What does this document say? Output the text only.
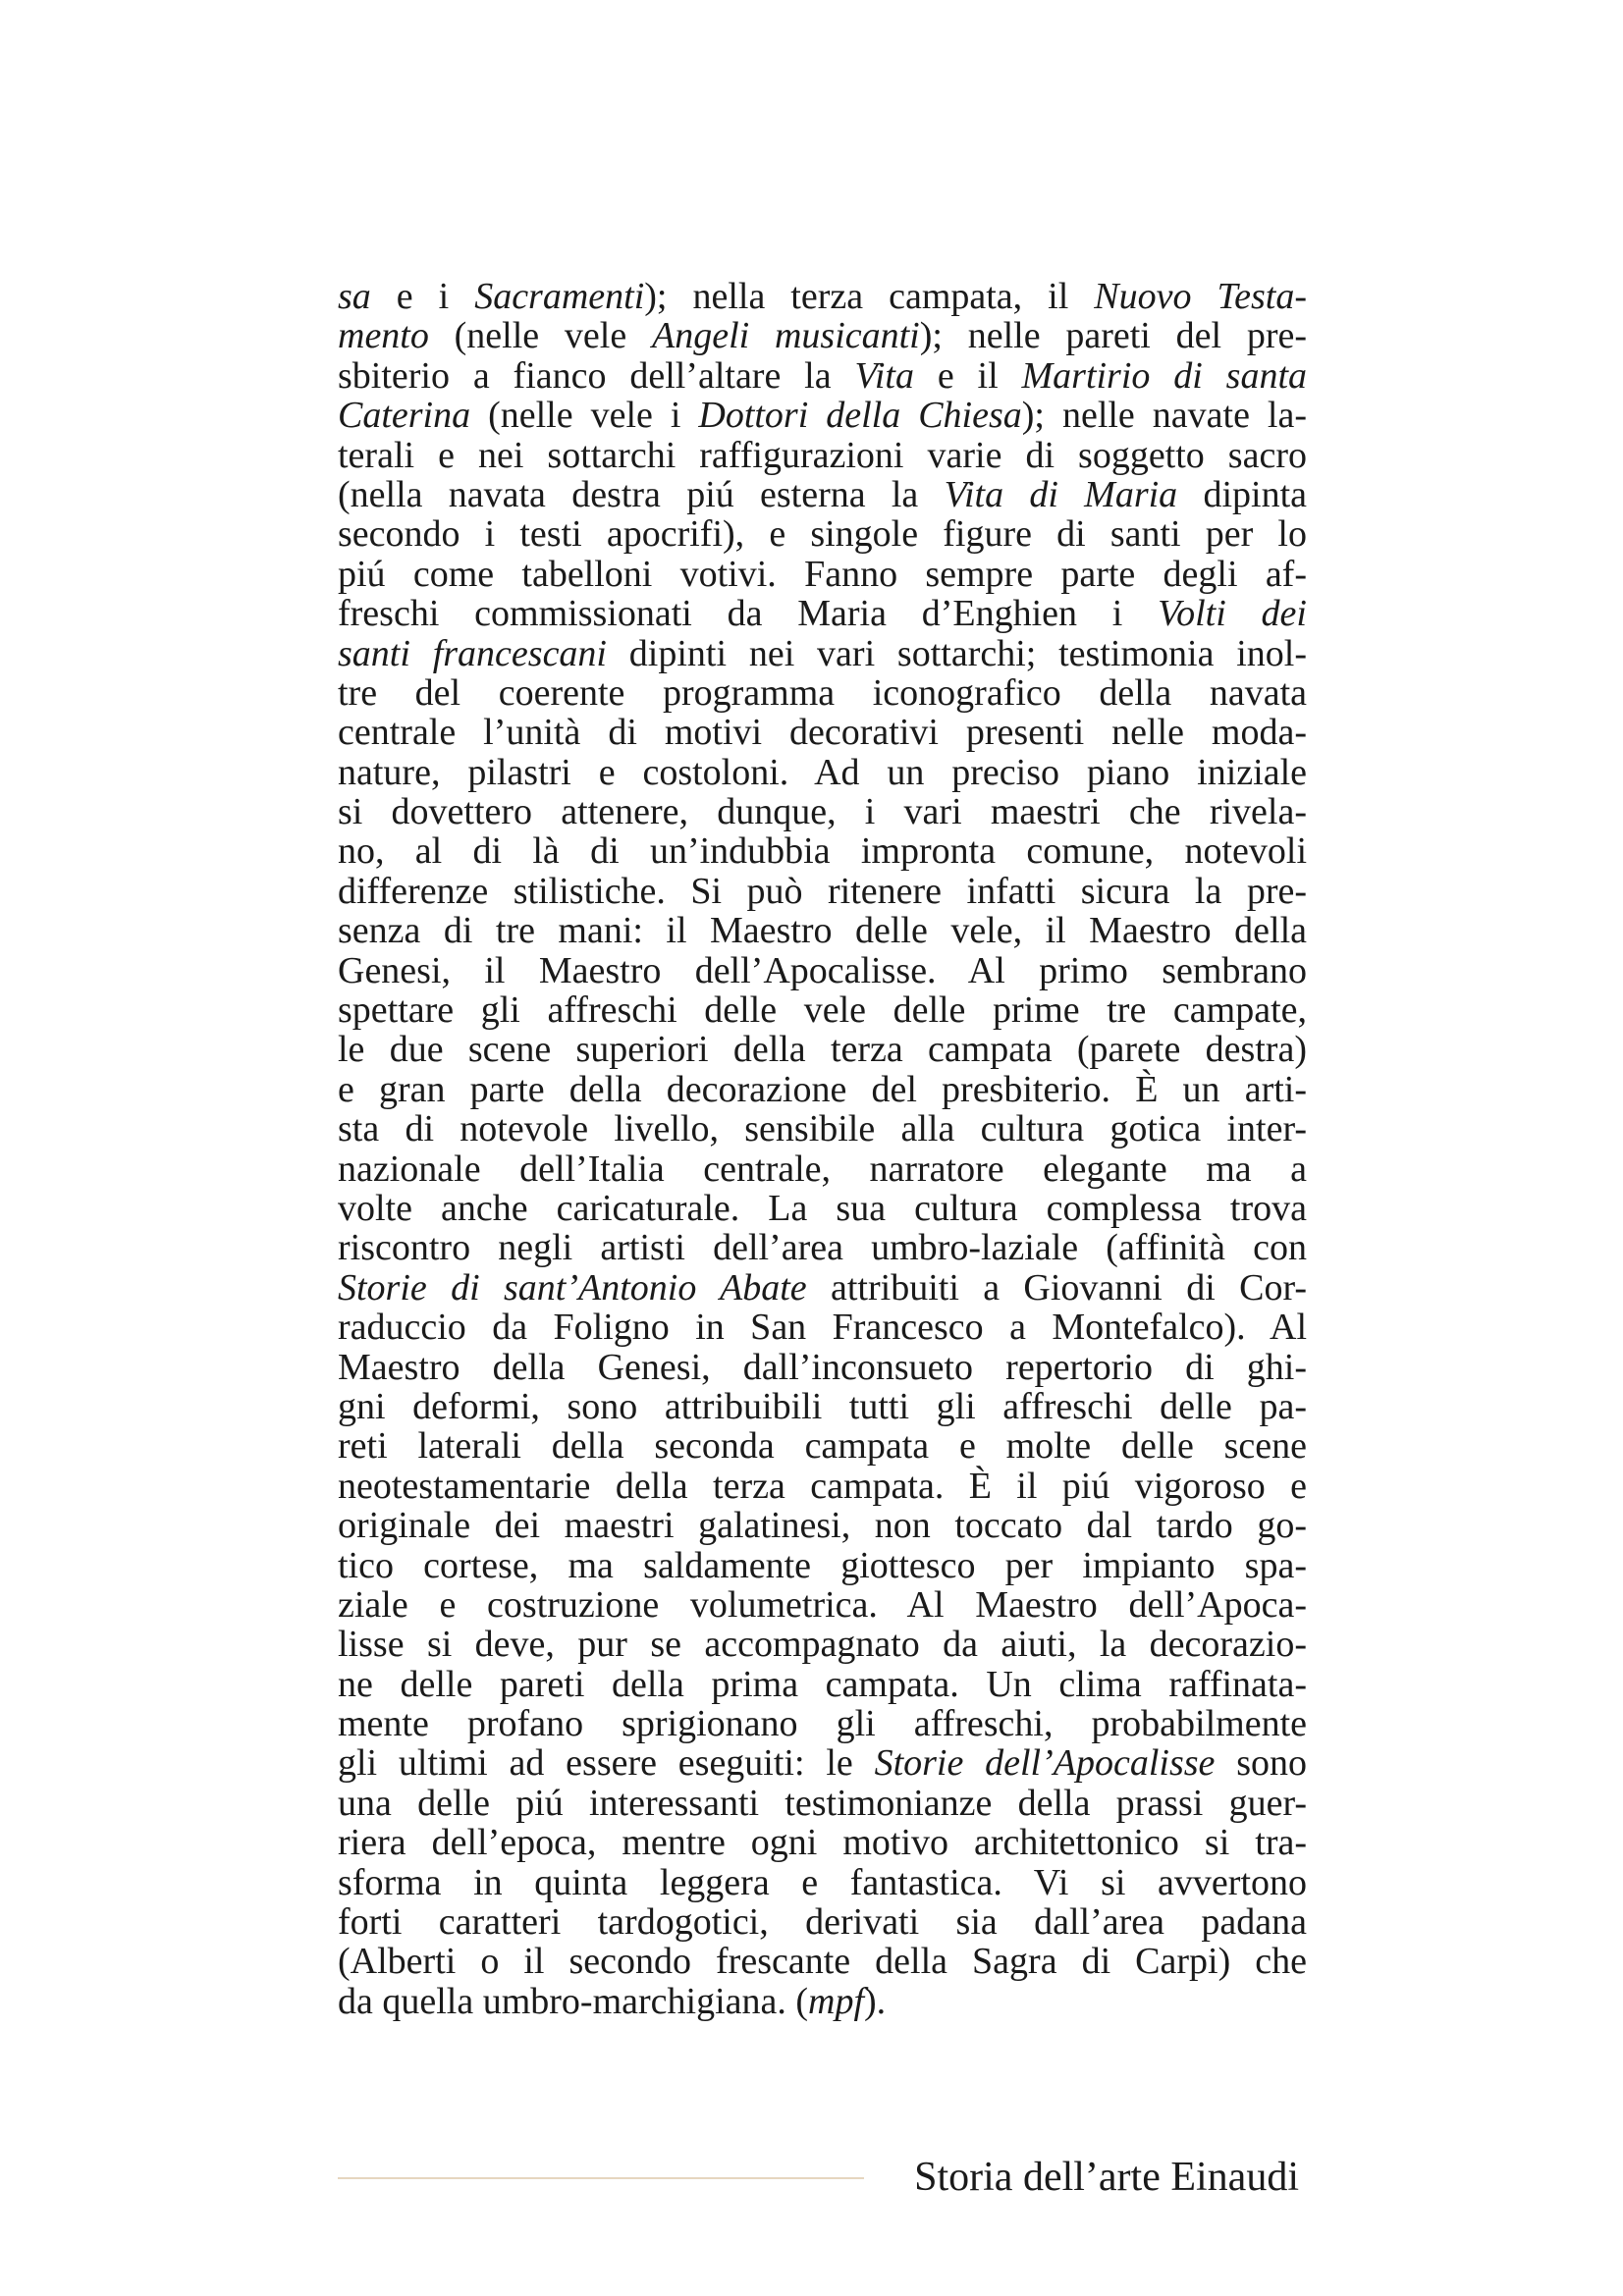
sa e i Sacramenti); nella terza campata, il Nuovo Testa-
mento (nelle vele Angeli musicanti); nelle pareti del pre-
sbiterio a fianco dell’altare la Vita e il Martirio di santa
Caterina (nelle vele i Dottori della Chiesa); nelle navate la-
terali e nei sottarchi raffigurazioni varie di soggetto sacro
(nella navata destra piú esterna la Vita di Maria dipinta
secondo i testi apocrifi), e singole figure di santi per lo
piú come tabelloni votivi. Fanno sempre parte degli af-
freschi commissionati da Maria d’Enghien i Volti dei
santi francescani dipinti nei vari sottarchi; testimonia inol-
tre del coerente programma iconografico della navata
centrale l’unità di motivi decorativi presenti nelle moda-
nature, pilastri e costoloni. Ad un preciso piano iniziale
si dovettero attenere, dunque, i vari maestri che rivela-
no, al di là di un’indubbia impronta comune, notevoli
differenze stilistiche. Si può ritenere infatti sicura la pre-
senza di tre mani: il Maestro delle vele, il Maestro della
Genesi, il Maestro dell’Apocalisse. Al primo sembrano
spettare gli affreschi delle vele delle prime tre campate,
le due scene superiori della terza campata (parete destra)
e gran parte della decorazione del presbiterio. È un arti-
sta di notevole livello, sensibile alla cultura gotica inter-
nazionale dell’Italia centrale, narratore elegante ma a
volte anche caricaturale. La sua cultura complessa trova
riscontro negli artisti dell’area umbro-laziale (affinità con
Storie di sant’Antonio Abate attribuiti a Giovanni di Cor-
raduccio da Foligno in San Francesco a Montefalco). Al
Maestro della Genesi, dall’inconsueto repertorio di ghi-
gni deformi, sono attribuibili tutti gli affreschi delle pa-
reti laterali della seconda campata e molte delle scene
neotestamentarie della terza campata. È il piú vigoroso e
originale dei maestri galatinesi, non toccato dal tardo go-
tico cortese, ma saldamente giottesco per impianto spa-
ziale e costruzione volumetrica. Al Maestro dell’Apoca-
lisse si deve, pur se accompagnato da aiuti, la decorazio-
ne delle pareti della prima campata. Un clima raffinata-
mente profano sprigionano gli affreschi, probabilmente
gli ultimi ad essere eseguiti: le Storie dell’Apocalisse sono
una delle piú interessanti testimonianze della prassi guer-
riera dell’epoca, mentre ogni motivo architettonico si tra-
sforma in quinta leggera e fantastica. Vi si avvertono
forti caratteri tardogotici, derivati sia dall’area padana
(Alberti o il secondo frescante della Sagra di Carpi) che
da quella umbro-marchigiana. (mpf).
Storia dell’arte Einaudi
